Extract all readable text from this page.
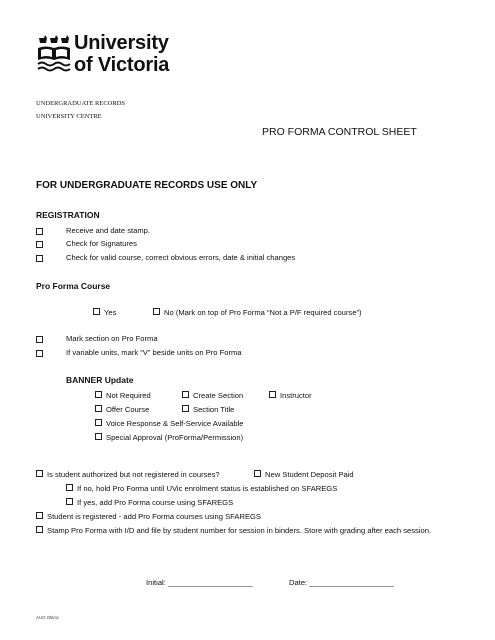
University
of Victoria
UNDERGRADUATE RECORDS
UNIVERSITY CENTRE
PRO FORMA CONTROL SHEET
FOR UNDERGRADUATE RECORDS USE ONLY
REGISTRATION
Receive and date stamp.
Check for Signatures
Check for valid course, correct obvious errors, date & initial changes
Pro Forma Course
Yes	No (Mark on top of Pro Forma “Not a P/F required course”)
Mark section on Pro Forma
If variable units, mark “V” beside units on Pro Forma
BANNER Update
Not Required	Create Section	Instructor
Offer Course	Section Title
Voice Response & Self-Service Available
Special Approval (ProForma/Permission)
Is student authorized but not registered in courses?	New Student Deposit Paid
If no, hold Pro Forma until UVic enrolment status is established on SFAREGS
If yes, add Pro Forma course using SFAREGS
Student is registered - add Pro Forma courses using SFAREGS
Stamp Pro Forma with I/D and file by student number for session in binders. Store with grading after each session.
Initial: ____________________	Date: ____________________
AUG 05/mc
